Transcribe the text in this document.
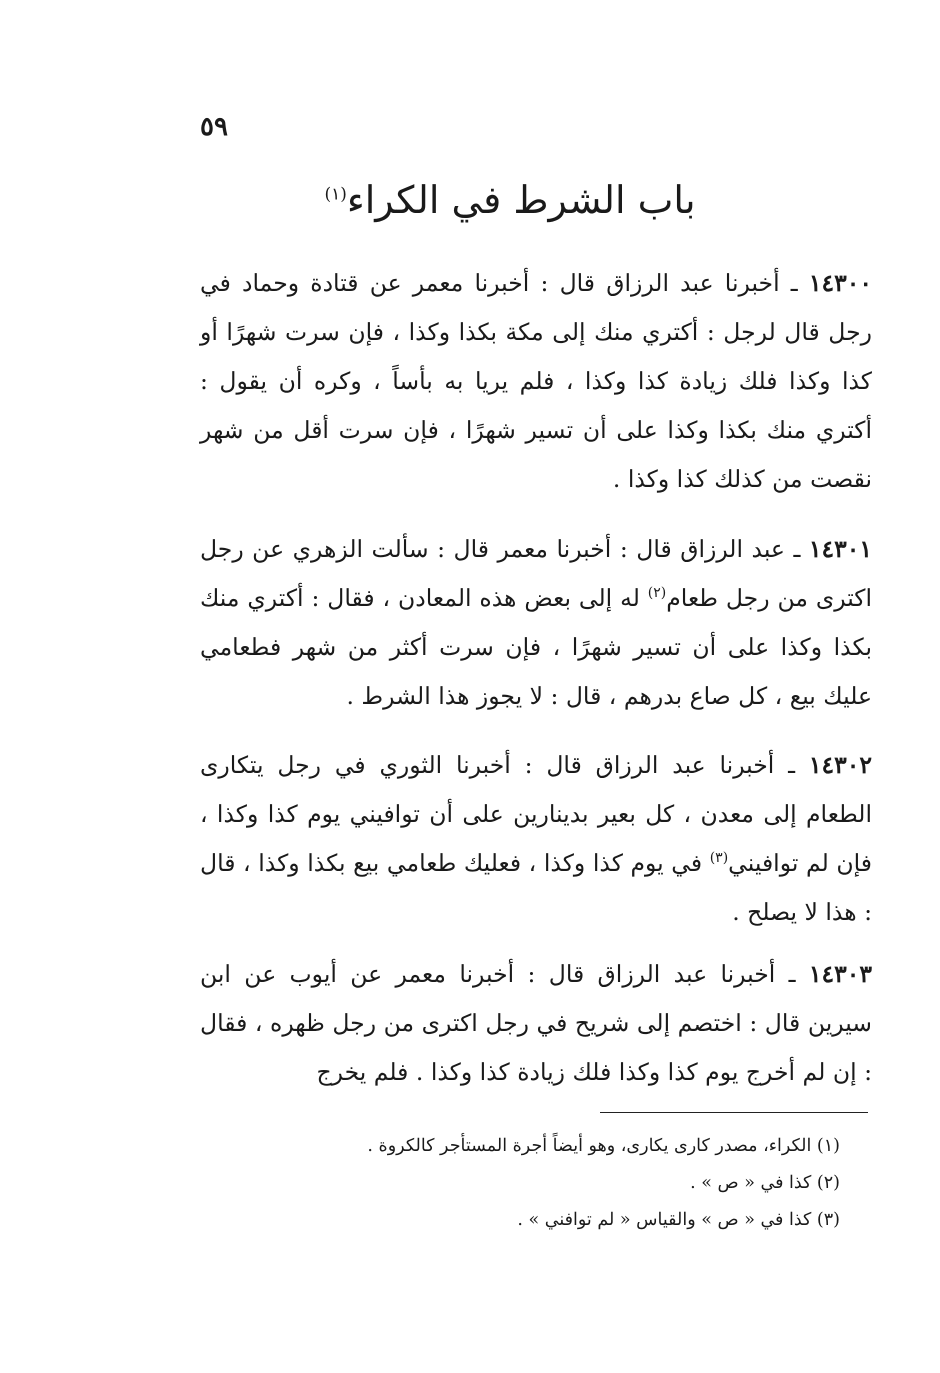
٥٩
باب الشرط في الكراء$^{(١)}$

١٤٣٠٠ ـ أخبرنا عبد الرزاق قال : أخبرنا معمر عن قتادة وحماد في رجل قال لرجل : أكتري منك إلى مكة بكذا وكذا ، فإن سرت شهرًا أو كذا وكذا فلك زيادة كذا وكذا ، فلم يريا به بأساً ، وكره أن يقول : أكتري منك بكذا وكذا على أن تسير شهرًا ، فإن سرت أقل من شهر نقصت من كذلك كذا وكذا .

١٤٣٠١ ـ عبد الرزاق قال : أخبرنا معمر قال : سألت الزهري عن رجل اكترى من رجل طعام$^{(٢)}$ له إلى بعض هذه المعادن ، فقال : أكتري منك بكذا وكذا على أن تسير شهرًا ، فإن سرت أكثر من شهر فطعامي عليك بيع ، كل صاع بدرهم ، قال : لا يجوز هذا الشرط .

١٤٣٠٢ ـ أخبرنا عبد الرزاق قال : أخبرنا الثوري في رجل يتكارى الطعام إلى معدن ، كل بعير بدينارين على أن توافيني يوم كذا وكذا ، فإن لم توافيني$^{(٣)}$ في يوم كذا وكذا ، فعليك طعامي بيع بكذا وكذا ، قال : هذا لا يصلح .

١٤٣٠٣ ـ أخبرنا عبد الرزاق قال : أخبرنا معمر عن أيوب عن ابن سيرين قال : اختصم إلى شريح في رجل اكترى من رجل ظهره ، فقال : إن لم أخرج يوم كذا وكذا فلك زيادة كذا وكذا . فلم يخرج

(١) الكراء، مصدر كارى يكارى، وهو أيضاً أجرة المستأجر كالكروة .
(٢) كذا في « ص » .
(٣) كذا في « ص » والقياس « لم توافني » .
